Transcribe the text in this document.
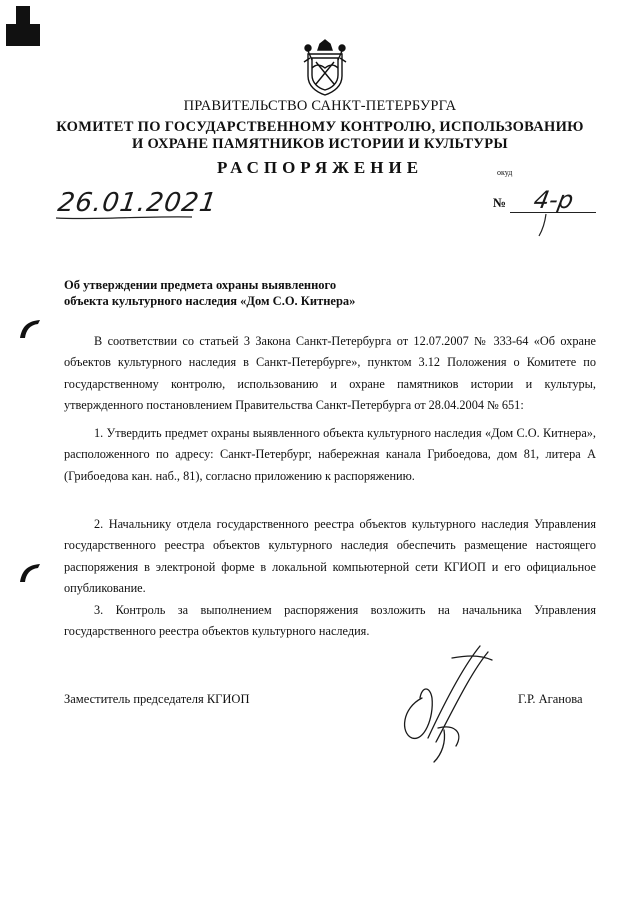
ПРАВИТЕЛЬСТВО САНКТ-ПЕТЕРБУРГА
КОМИТЕТ ПО ГОСУДАРСТВЕННОМУ КОНТРОЛЮ, ИСПОЛЬЗОВАНИЮ
И ОХРАНЕ ПАМЯТНИКОВ ИСТОРИИ И КУЛЬТУРЫ
РАСПОРЯЖЕНИЕ	окуд
26.01.2021	№ 4-р
Об утверждении предмета охраны выявленного
объекта культурного наследия «Дом С.О. Китнера»
В соответствии со статьей 3 Закона Санкт-Петербурга от 12.07.2007 № 333-64 «Об охране объектов культурного наследия в Санкт-Петербурге», пунктом 3.12 Положения о Комитете по государственному контролю, использованию и охране памятников истории и культуры, утвержденного постановлением Правительства Санкт-Петербурга от 28.04.2004 № 651:
1. Утвердить предмет охраны выявленного объекта культурного наследия «Дом С.О. Китнера», расположенного по адресу: Санкт-Петербург, набережная канала Грибоедова, дом 81, литера А (Грибоедова кан. наб., 81), согласно приложению к распоряжению.
2. Начальнику отдела государственного реестра объектов культурного наследия Управления государственного реестра объектов культурного наследия обеспечить размещение настоящего распоряжения в электроной форме в локальной компьютерной сети КГИОП и его официальное опубликование.
3. Контроль за выполнением распоряжения возложить на начальника Управления государственного реестра объектов культурного наследия.
Заместитель председателя КГИОП	Г.Р. Аганова
